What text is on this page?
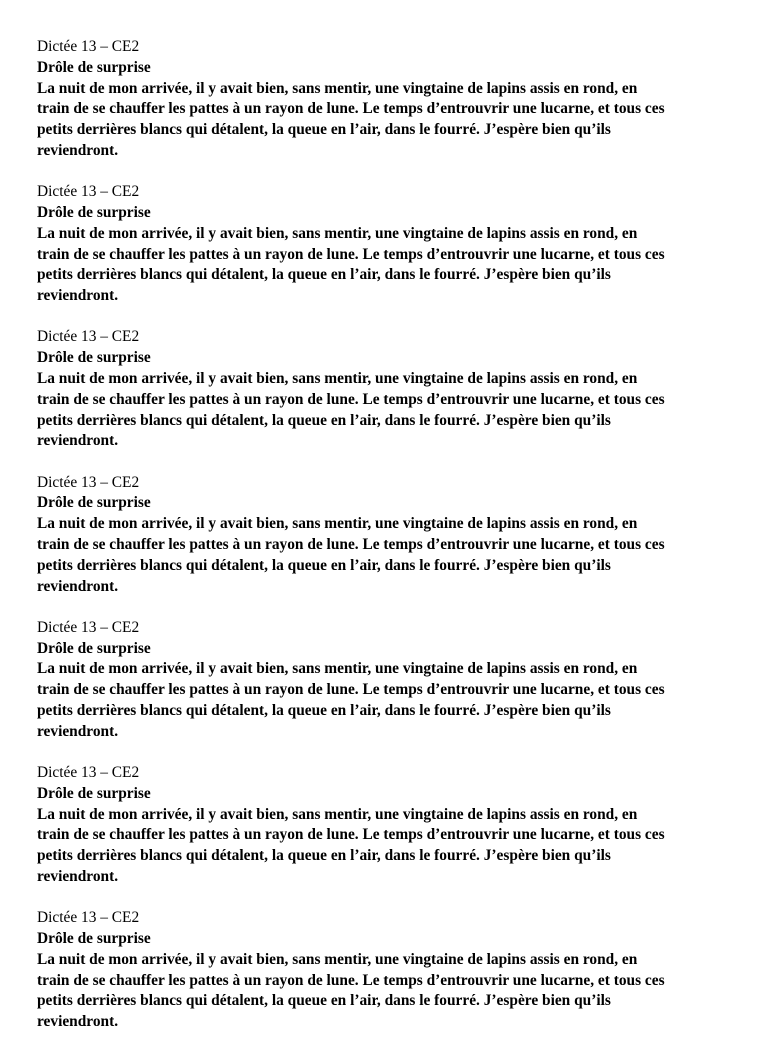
Dictée 13 – CE2
Drôle de surprise
La nuit de mon arrivée, il y avait bien, sans mentir, une vingtaine de lapins assis en rond, en
train de se chauffer les pattes à un rayon de lune. Le temps d’entrouvrir une lucarne, et tous ces
petits derrières blancs qui détalent, la queue en l’air, dans le fourré. J’espère bien qu’ils
reviendront.
Dictée 13 – CE2
Drôle de surprise
La nuit de mon arrivée, il y avait bien, sans mentir, une vingtaine de lapins assis en rond, en
train de se chauffer les pattes à un rayon de lune. Le temps d’entrouvrir une lucarne, et tous ces
petits derrières blancs qui détalent, la queue en l’air, dans le fourré. J’espère bien qu’ils
reviendront.
Dictée 13 – CE2
Drôle de surprise
La nuit de mon arrivée, il y avait bien, sans mentir, une vingtaine de lapins assis en rond, en
train de se chauffer les pattes à un rayon de lune. Le temps d’entrouvrir une lucarne, et tous ces
petits derrières blancs qui détalent, la queue en l’air, dans le fourré. J’espère bien qu’ils
reviendront.
Dictée 13 – CE2
Drôle de surprise
La nuit de mon arrivée, il y avait bien, sans mentir, une vingtaine de lapins assis en rond, en
train de se chauffer les pattes à un rayon de lune. Le temps d’entrouvrir une lucarne, et tous ces
petits derrières blancs qui détalent, la queue en l’air, dans le fourré. J’espère bien qu’ils
reviendront.
Dictée 13 – CE2
Drôle de surprise
La nuit de mon arrivée, il y avait bien, sans mentir, une vingtaine de lapins assis en rond, en
train de se chauffer les pattes à un rayon de lune. Le temps d’entrouvrir une lucarne, et tous ces
petits derrières blancs qui détalent, la queue en l’air, dans le fourré. J’espère bien qu’ils
reviendront.
Dictée 13 – CE2
Drôle de surprise
La nuit de mon arrivée, il y avait bien, sans mentir, une vingtaine de lapins assis en rond, en
train de se chauffer les pattes à un rayon de lune. Le temps d’entrouvrir une lucarne, et tous ces
petits derrières blancs qui détalent, la queue en l’air, dans le fourré. J’espère bien qu’ils
reviendront.
Dictée 13 – CE2
Drôle de surprise
La nuit de mon arrivée, il y avait bien, sans mentir, une vingtaine de lapins assis en rond, en
train de se chauffer les pattes à un rayon de lune. Le temps d’entrouvrir une lucarne, et tous ces
petits derrières blancs qui détalent, la queue en l’air, dans le fourré. J’espère bien qu’ils
reviendront.
